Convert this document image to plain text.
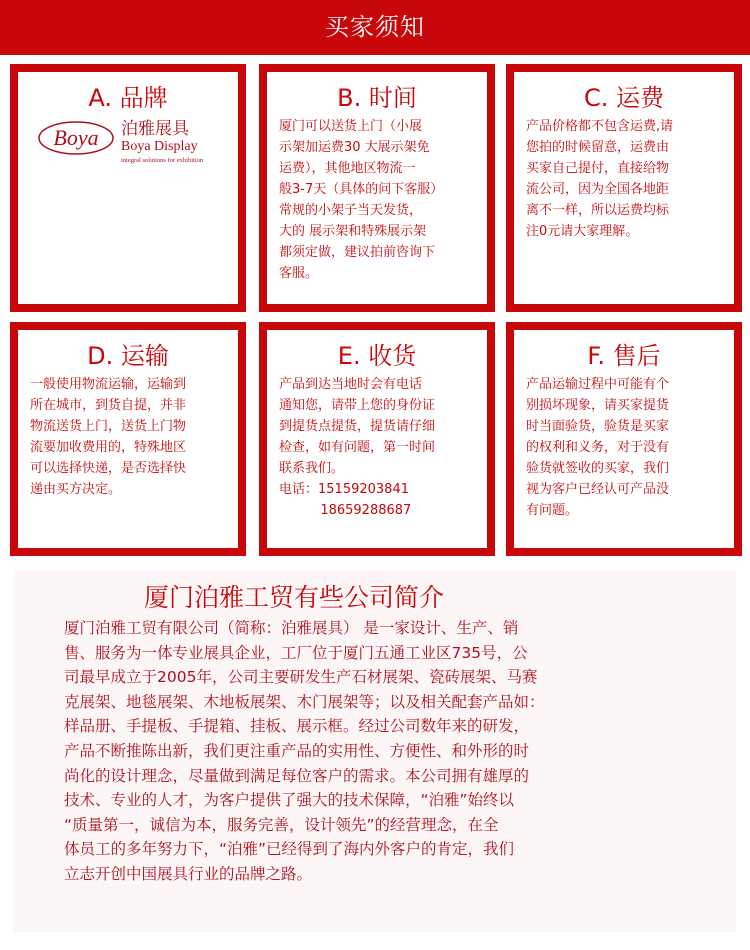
买家须知
A. 品牌
Boya 泊雅展具
Boya Display
integral solutions for exhibition
B. 时间
厦门可以送货上门（小展
示架加运费30 大展示架免
运费），其他地区物流一
般3-7天（具体的问下客服）
常规的小架子当天发货，
大的 展示架和特殊展示架
都须定做，建议拍前咨询下
客服。
C. 运费
产品价格都不包含运费,请
您拍的时候留意，运费由
买家自己提付，直接给物
流公司，因为全国各地距
离不一样，所以运费均标
注0元请大家理解。
D. 运输
一般使用物流运输，运输到
所在城市，到货自提，并非
物流送货上门，送货上门物
流要加收费用的，特殊地区
可以选择快递，是否选择快
递由买方决定。
E. 收货
产品到达当地时会有电话
通知您，请带上您的身份证
到提货点提货，提货请仔细
检查，如有问题，第一时间
联系我们。
电话：15159203841
18659288687
F. 售后
产品运输过程中可能有个
别损坏现象，请买家提货
时当面验货，验货是买家
的权利和义务，对于没有
验货就签收的买家，我们
视为客户已经认可产品没
有问题。
厦门泊雅工贸有些公司简介
厦门泊雅工贸有限公司（简称：泊雅展具） 是一家设计、生产、销
售、服务为一体专业展具企业，工厂位于厦门五通工业区735号，公
司最早成立于2005年，公司主要研发生产石材展架、瓷砖展架、马赛
克展架、地毯展架、木地板展架、木门展架等；以及相关配套产品如：
样品册、手提板、手提箱、挂板、展示框。经过公司数年来的研发，
产品不断推陈出新，我们更注重产品的实用性、方便性、和外形的时
尚化的设计理念，尽量做到满足每位客户的需求。本公司拥有雄厚的
技术、专业的人才，为客户提供了强大的技术保障，“泊雅”始终以
“质量第一，诚信为本，服务完善，设计领先”的经营理念，在全
体员工的多年努力下，“泊雅”已经得到了海内外客户的肯定，我们
立志开创中国展具行业的品牌之路。
